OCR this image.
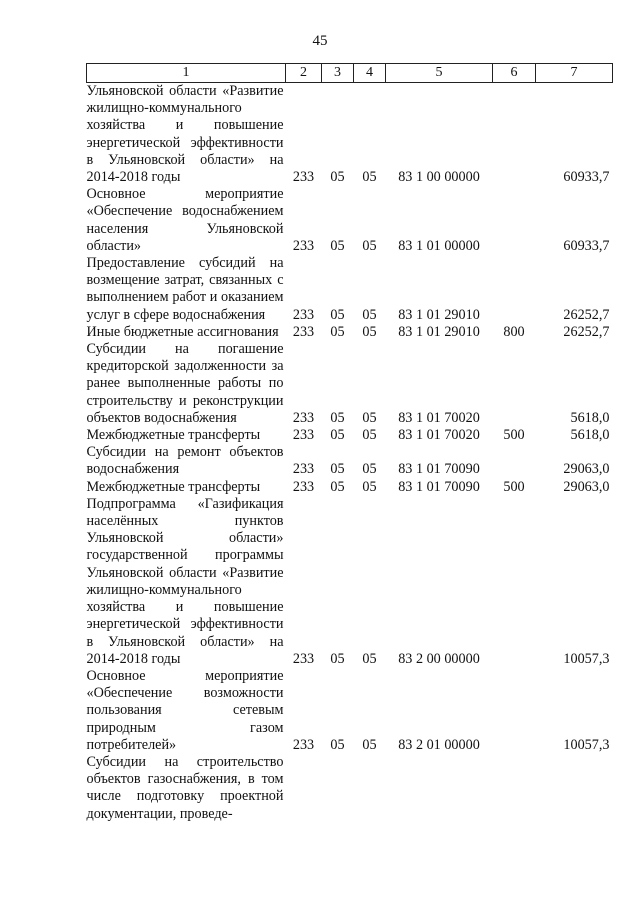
45
1	2	3	4	5	6	7
Ульяновской области «Развитие жилищно-коммунального хозяйства и повышение энергетической эффективности в Ульяновской области» на 2014-2018 годы	233	05	05	83 1 00 00000		60933,7
Основное мероприятие «Обеспечение водоснабжением населения Ульяновской области»	233	05	05	83 1 01 00000		60933,7
Предоставление субсидий на возмещение затрат, связанных с выполнением работ и оказанием услуг в сфере водоснабжения	233	05	05	83 1 01 29010		26252,7
Иные бюджетные ассигнования	233	05	05	83 1 01 29010	800	26252,7
Субсидии на погашение кредиторской задолженности за ранее выполненные работы по строительству и реконструкции объектов водоснабжения	233	05	05	83 1 01 70020		5618,0
Межбюджетные трансферты	233	05	05	83 1 01 70020	500	5618,0
Субсидии на ремонт объектов водоснабжения	233	05	05	83 1 01 70090		29063,0
Межбюджетные трансферты	233	05	05	83 1 01 70090	500	29063,0
Подпрограмма «Газификация населённых пунктов Ульяновской области» государственной программы Ульяновской области «Развитие жилищно-коммунального хозяйства и повышение энергетической эффективности в Ульяновской области» на 2014-2018 годы	233	05	05	83 2 00 00000		10057,3
Основное мероприятие «Обеспечение возможности пользования сетевым природным газом потребителей»	233	05	05	83 2 01 00000		10057,3
Субсидии на строительство объектов газоснабжения, в том числе подготовку проектной документации, проведе-						
